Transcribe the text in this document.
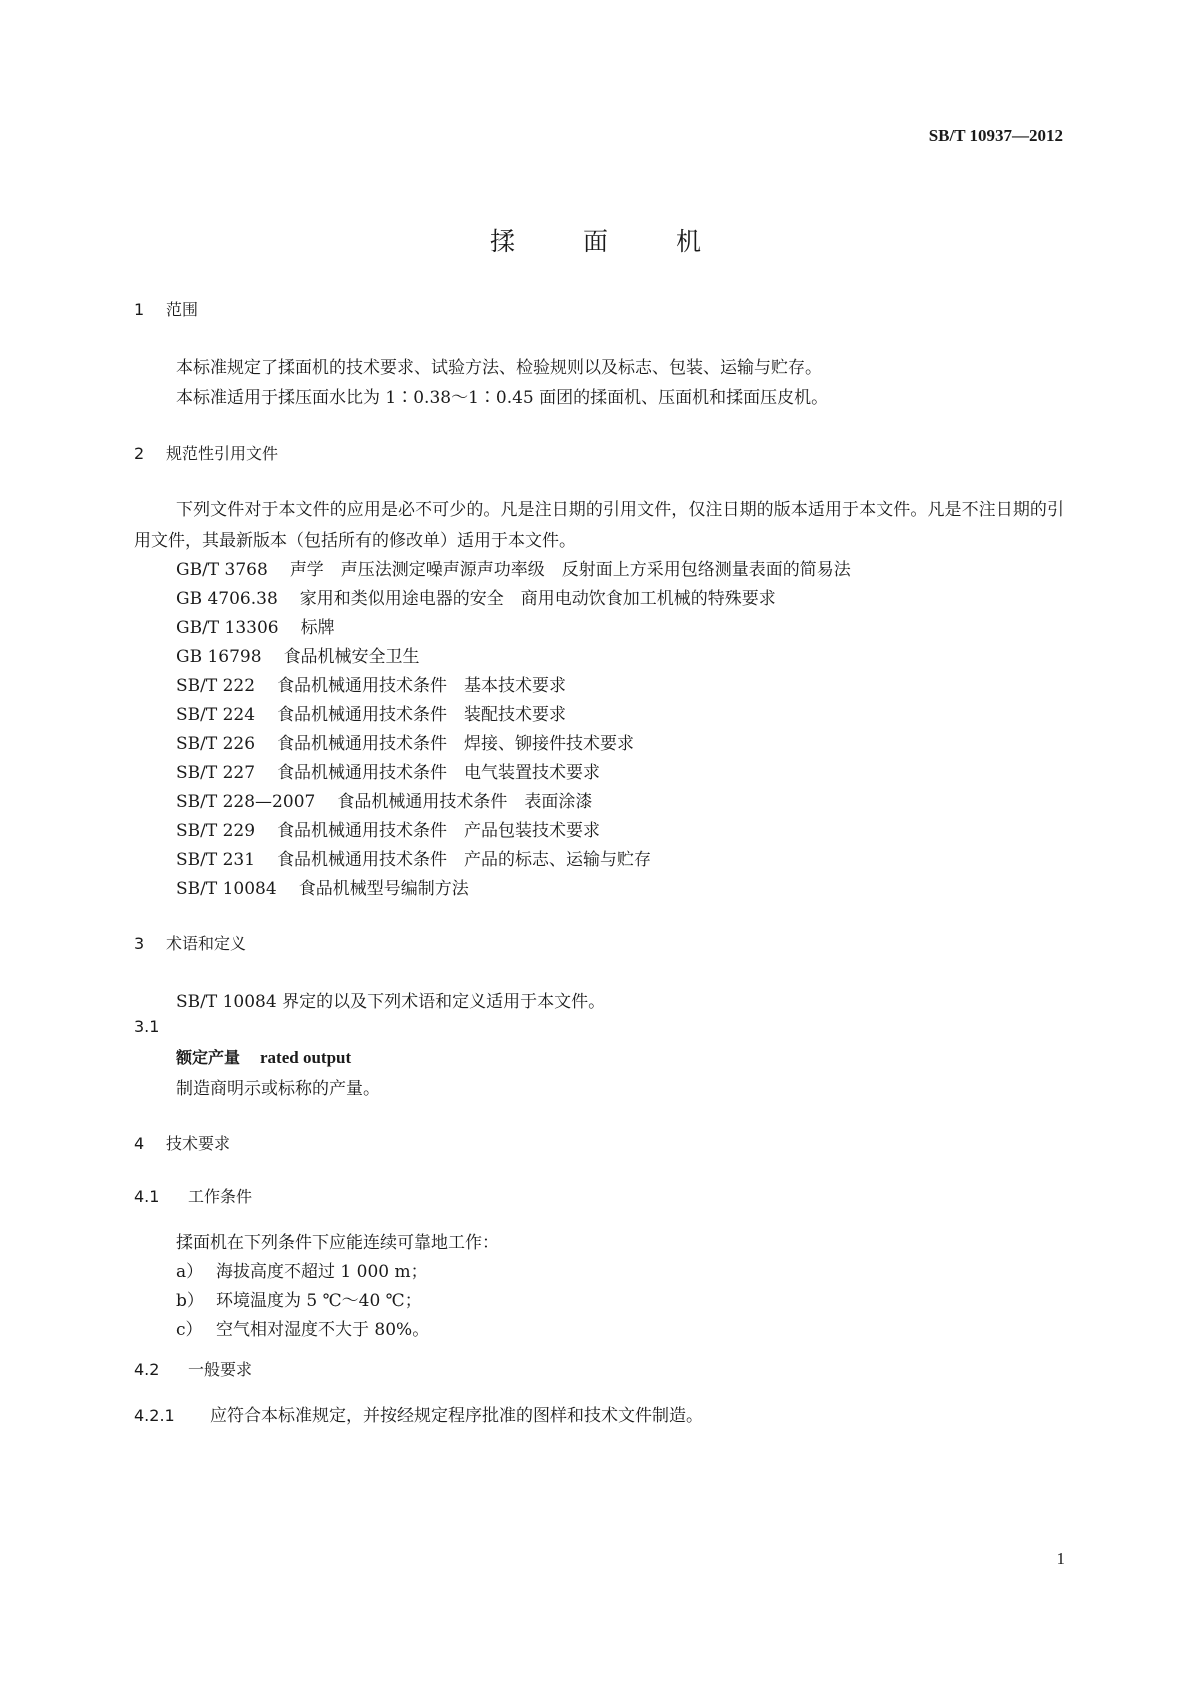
SB/T 10937—2012
揉	面	机
1 范围
本标准规定了揉面机的技术要求、试验方法、检验规则以及标志、包装、运输与贮存。
本标准适用于揉压面水比为 1∶0.38～1∶0.45 面团的揉面机、压面机和揉面压皮机。
2 规范性引用文件
下列文件对于本文件的应用是必不可少的。凡是注日期的引用文件，仅注日期的版本适用于本文件。凡是不注日期的引用文件，其最新版本（包括所有的修改单）适用于本文件。
GB/T 3768 声学　声压法测定噪声源声功率级　反射面上方采用包络测量表面的简易法
GB 4706.38 家用和类似用途电器的安全　商用电动饮食加工机械的特殊要求
GB/T 13306 标牌
GB 16798 食品机械安全卫生
SB/T 222 食品机械通用技术条件　基本技术要求
SB/T 224 食品机械通用技术条件　装配技术要求
SB/T 226 食品机械通用技术条件　焊接、铆接件技术要求
SB/T 227 食品机械通用技术条件　电气装置技术要求
SB/T 228—2007 食品机械通用技术条件　表面涂漆
SB/T 229 食品机械通用技术条件　产品包装技术要求
SB/T 231 食品机械通用技术条件　产品的标志、运输与贮存
SB/T 10084 食品机械型号编制方法
3 术语和定义
SB/T 10084 界定的以及下列术语和定义适用于本文件。
3.1
额定产量 rated output
制造商明示或标称的产量。
4 技术要求
4.1 工作条件
揉面机在下列条件下应能连续可靠地工作：
a） 海拔高度不超过 1 000 m；
b） 环境温度为 5 ℃～40 ℃；
c） 空气相对湿度不大于 80%。
4.2 一般要求
4.2.1 应符合本标准规定，并按经规定程序批准的图样和技术文件制造。
1
